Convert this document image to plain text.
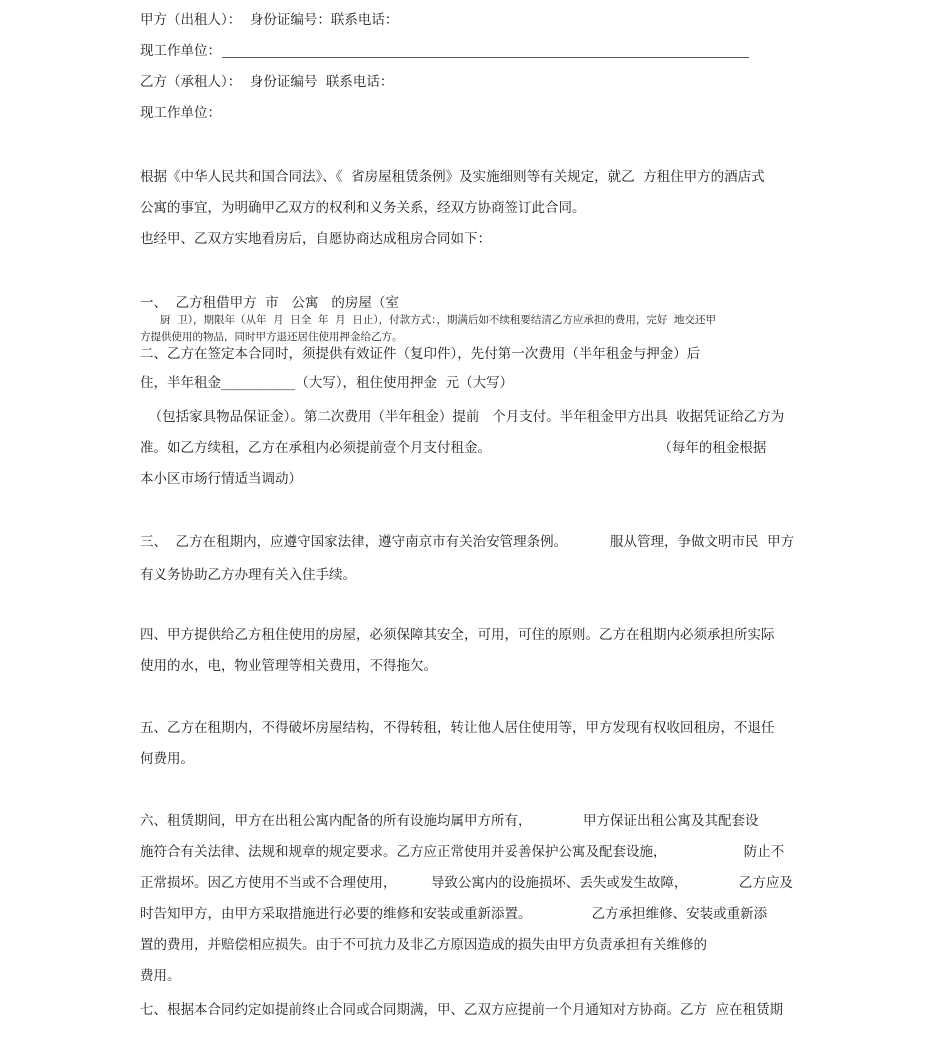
甲方（出租人）：  身份证编号：联系电话：
现工作单位：
乙方（承租人）：  身份证编号  联系电话：
现工作单位：
根据《中华人民共和国合同法》、《  省房屋租赁条例》及实施细则等有关规定，就乙  方租住甲方的酒店式
公寓的事宜，为明确甲乙双方的权利和义务关系，经双方协商签订此合同。
也经甲、乙双方实地看房后，自愿协商达成租房合同如下：
一、  乙方租借甲方  市   公寓   的房屋（室
厨  卫），期限年（从年  月  日全  年  月  日止），付款方式：，期满后如不续租要结清乙方应承担的费用，完好  地交还甲
方提供使用的物品，同时甲方退还居住使用押金给乙方。
二、乙方在签定本合同时，须提供有效证件（复印件），先付第一次费用（半年租金与押金）后
住，半年租金___________（大写），租住使用押金  元（大写）
（包括家具物品保证金）。第二次费用（半年租金）提前   个月支付。半年租金甲方出具  收据凭证给乙方为
准。如乙方续租，乙方在承租内必须提前壹个月支付租金。                                       （每年的租金根据
本小区市场行情适当调动）
三、  乙方在租期内，应遵守国家法律，遵守南京市有关治安管理条例。          服从管理，争做文明市民  甲方
有义务协助乙方办理有关入住手续。
四、甲方提供给乙方租住使用的房屋，必须保障其安全，可用，可住的原则。乙方在租期内必须承担所实际
使用的水，电，物业管理等相关费用，不得拖欠。
五、乙方在租期内，不得破坏房屋结构，不得转租，转让他人居住使用等，甲方发现有权收回租房，不退任
何费用。
六、租赁期间，甲方在出租公寓内配备的所有设施均属甲方所有，            甲方保证出租公寓及其配套设
施符合有关法律、法规和规章的规定要求。乙方应正常使用并妥善保护公寓及配套设施，                  防止不
正常损坏。因乙方使用不当或不合理使用，        导致公寓内的设施损坏、丢失或发生故障，            乙方应及
时告知甲方，由甲方采取措施进行必要的维修和安装或重新添置。              乙方承担维修、安装或重新添
置的费用，并赔偿相应损失。由于不可抗力及非乙方原因造成的损失由甲方负责承担有关维修的
费用。
七、根据本合同约定如提前终止合同或合同期满，甲、乙双方应提前一个月通知对方协商。乙方  应在租赁期
